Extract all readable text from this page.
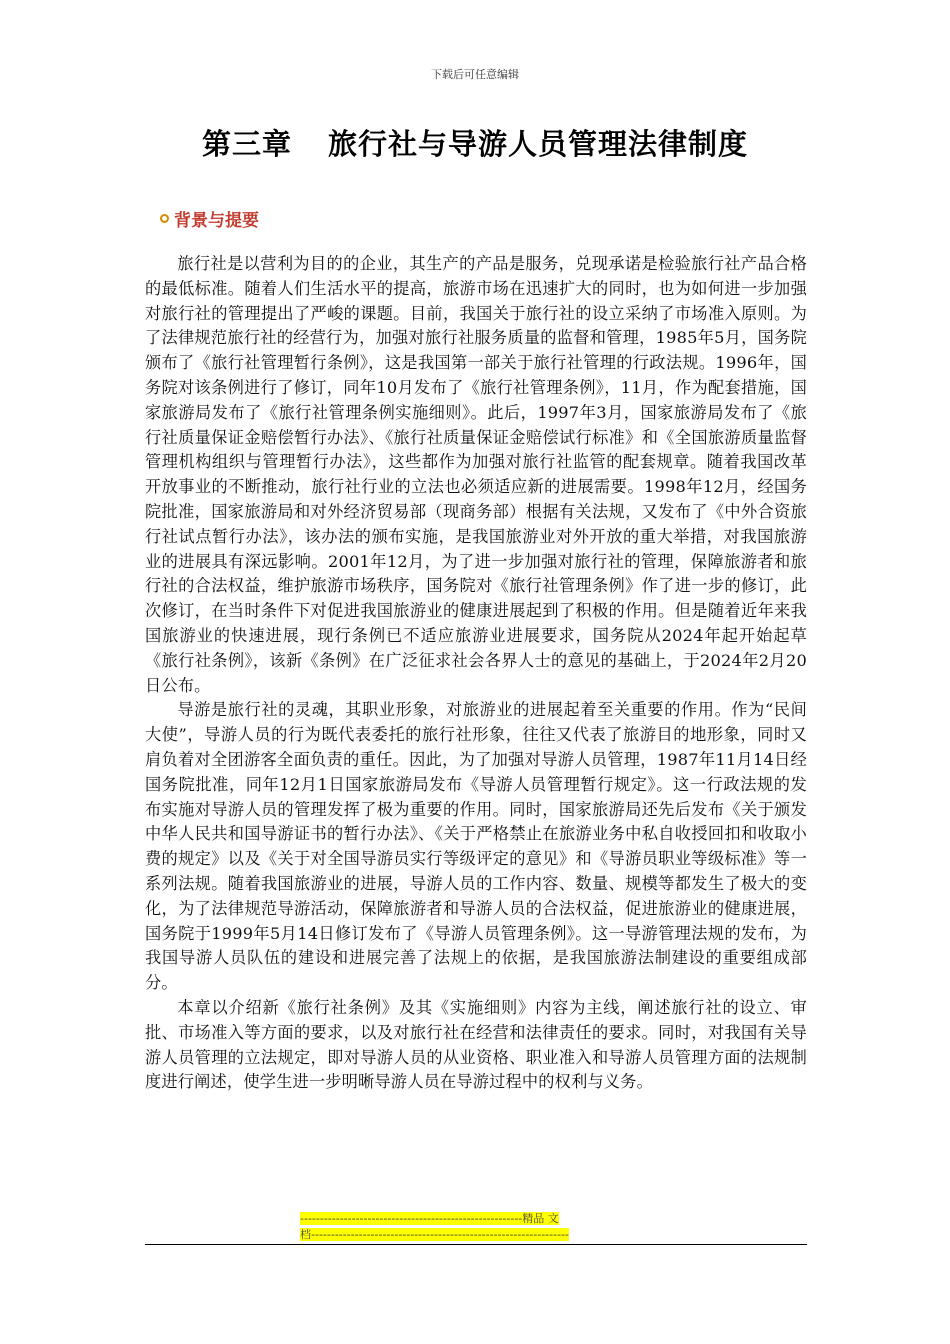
下载后可任意编辑
第三章 旅行社与导游人员管理法律制度
背景与提要

旅行社是以营利为目的的企业，其生产的产品是服务，兑现承诺是检验旅行社产品合格的最低标准。随着人们生活水平的提高，旅游市场在迅速扩大的同时，也为如何进一步加强对旅行社的管理提出了严峻的课题。目前，我国关于旅行社的设立采纳了市场准入原则。为了法律规范旅行社的经营行为，加强对旅行社服务质量的监督和管理，1985年5月，国务院颁布了《旅行社管理暂行条例》，这是我国第一部关于旅行社管理的行政法规。1996年，国务院对该条例进行了修订，同年10月发布了《旅行社管理条例》，11月，作为配套措施，国家旅游局发布了《旅行社管理条例实施细则》。此后，1997年3月，国家旅游局发布了《旅行社质量保证金赔偿暂行办法》、《旅行社质量保证金赔偿试行标准》和《全国旅游质量监督管理机构组织与管理暂行办法》，这些都作为加强对旅行社监管的配套规章。随着我国改革开放事业的不断推动，旅行社行业的立法也必须适应新的进展需要。1998年12月，经国务院批准，国家旅游局和对外经济贸易部（现商务部）根据有关法规，又发布了《中外合资旅行社试点暂行办法》，该办法的颁布实施，是我国旅游业对外开放的重大举措，对我国旅游业的进展具有深远影响。2001年12月，为了进一步加强对旅行社的管理，保障旅游者和旅行社的合法权益，维护旅游市场秩序，国务院对《旅行社管理条例》作了进一步的修订，此次修订，在当时条件下对促进我国旅游业的健康进展起到了积极的作用。但是随着近年来我国旅游业的快速进展，现行条例已不适应旅游业进展要求，国务院从2024年起开始起草《旅行社条例》，该新《条例》在广泛征求社会各界人士的意见的基础上，于2024年2月20日公布。

导游是旅行社的灵魂，其职业形象，对旅游业的进展起着至关重要的作用。作为“民间大使”，导游人员的行为既代表委托的旅行社形象，往往又代表了旅游目的地形象，同时又肩负着对全团游客全面负责的重任。因此，为了加强对导游人员管理，1987年11月14日经国务院批准，同年12月1日国家旅游局发布《导游人员管理暂行规定》。这一行政法规的发布实施对导游人员的管理发挥了极为重要的作用。同时，国家旅游局还先后发布《关于颁发中华人民共和国导游证书的暂行办法》、《关于严格禁止在旅游业务中私自收授回扣和收取小费的规定》以及《关于对全国导游员实行等级评定的意见》和《导游员职业等级标准》等一系列法规。随着我国旅游业的进展，导游人员的工作内容、数量、规模等都发生了极大的变化，为了法律规范导游活动，保障旅游者和导游人员的合法权益，促进旅游业的健康进展，国务院于1999年5月14日修订发布了《导游人员管理条例》。这一导游管理法规的发布，为我国导游人员队伍的建设和进展完善了法规上的依据，是我国旅游法制建设的重要组成部分。

本章以介绍新《旅行社条例》及其《实施细则》内容为主线，阐述旅行社的设立、审批、市场准入等方面的要求，以及对旅行社在经营和法律责任的要求。同时，对我国有关导游人员管理的立法规定，即对导游人员的从业资格、职业准入和导游人员管理方面的法规制度进行阐述，使学生进一步明晰导游人员在导游过程中的权利与义务。

--------------------------------------------------------精品 文
档-----------------------------------------------------------------
